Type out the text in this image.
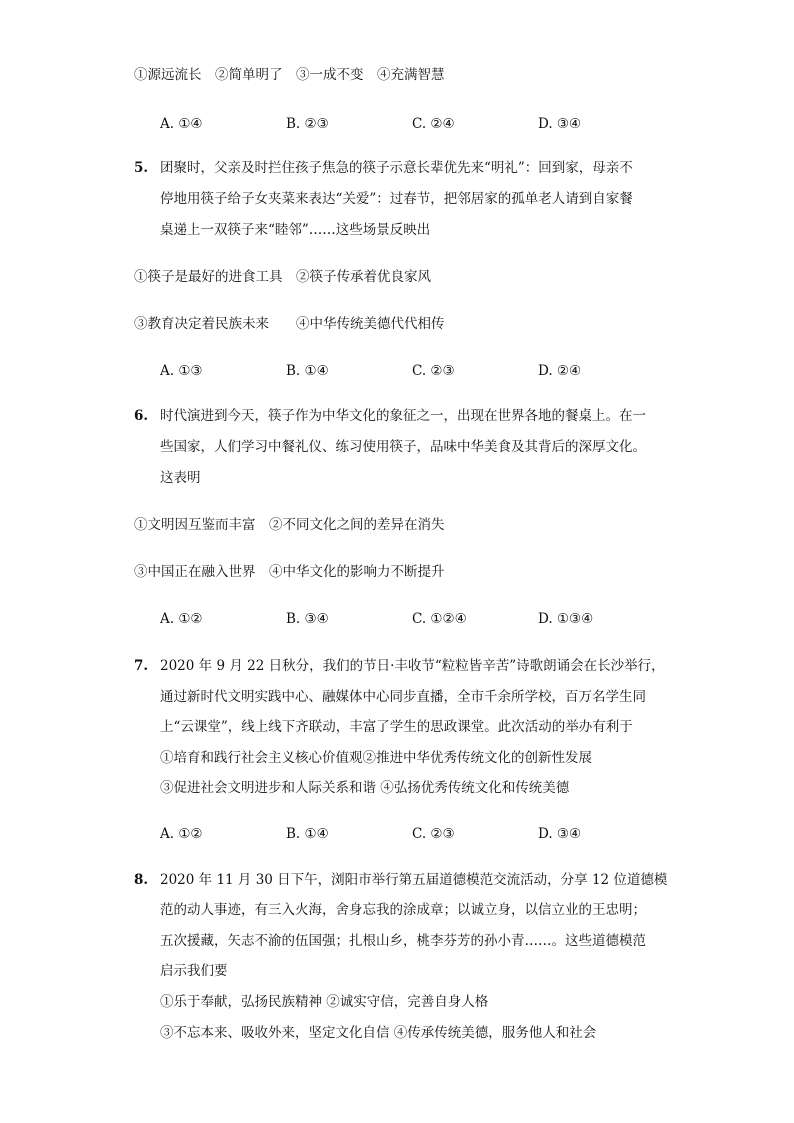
①源远流长　②简单明了　③一成不变　④充满智慧
A. ①④	B. ②③	C. ②④	D. ③④
5. 团聚时，父亲及时拦住孩子焦急的筷子示意长辈优先来“明礼”：回到家，母亲不
停地用筷子给子女夹菜来表达“关爱”：过春节，把邻居家的孤单老人请到自家餐
桌递上一双筷子来“睦邻”……这些场景反映出
①筷子是最好的进食工具　②筷子传承着优良家风
③教育决定着民族未来　　④中华传统美德代代相传
A. ①③	B. ①④	C. ②③	D. ②④
6. 时代演进到今天，筷子作为中华文化的象征之一，出现在世界各地的餐桌上。在一
些国家，人们学习中餐礼仪、练习使用筷子，品味中华美食及其背后的深厚文化。
这表明
①文明因互鉴而丰富　②不同文化之间的差异在消失
③中国正在融入世界　④中华文化的影响力不断提升
A. ①②	B. ③④	C. ①②④	D. ①③④
7. 2020 年 9 月 22 日秋分，我们的节日·丰收节“粒粒皆辛苦”诗歌朗诵会在长沙举行，
通过新时代文明实践中心、融媒体中心同步直播，全市千余所学校，百万名学生同
上“云课堂”，线上线下齐联动，丰富了学生的思政课堂。此次活动的举办有利于
①培育和践行社会主义核心价值观②推进中华优秀传统文化的创新性发展
③促进社会文明进步和人际关系和谐 ④弘扬优秀传统文化和传统美德
A. ①②	B. ①④	C. ②③	D. ③④
8. 2020 年 11 月 30 日下午，浏阳市举行第五届道德模范交流活动，分享 12 位道德模
范的动人事迹，有三入火海，舍身忘我的涂成章；以诚立身，以信立业的王忠明；
五次援藏，矢志不渝的伍国强；扎根山乡，桃李芬芳的孙小青……。这些道德模范
启示我们要
①乐于奉献，弘扬民族精神 ②诚实守信，完善自身人格
③不忘本来、吸收外来，坚定文化自信 ④传承传统美德，服务他人和社会
